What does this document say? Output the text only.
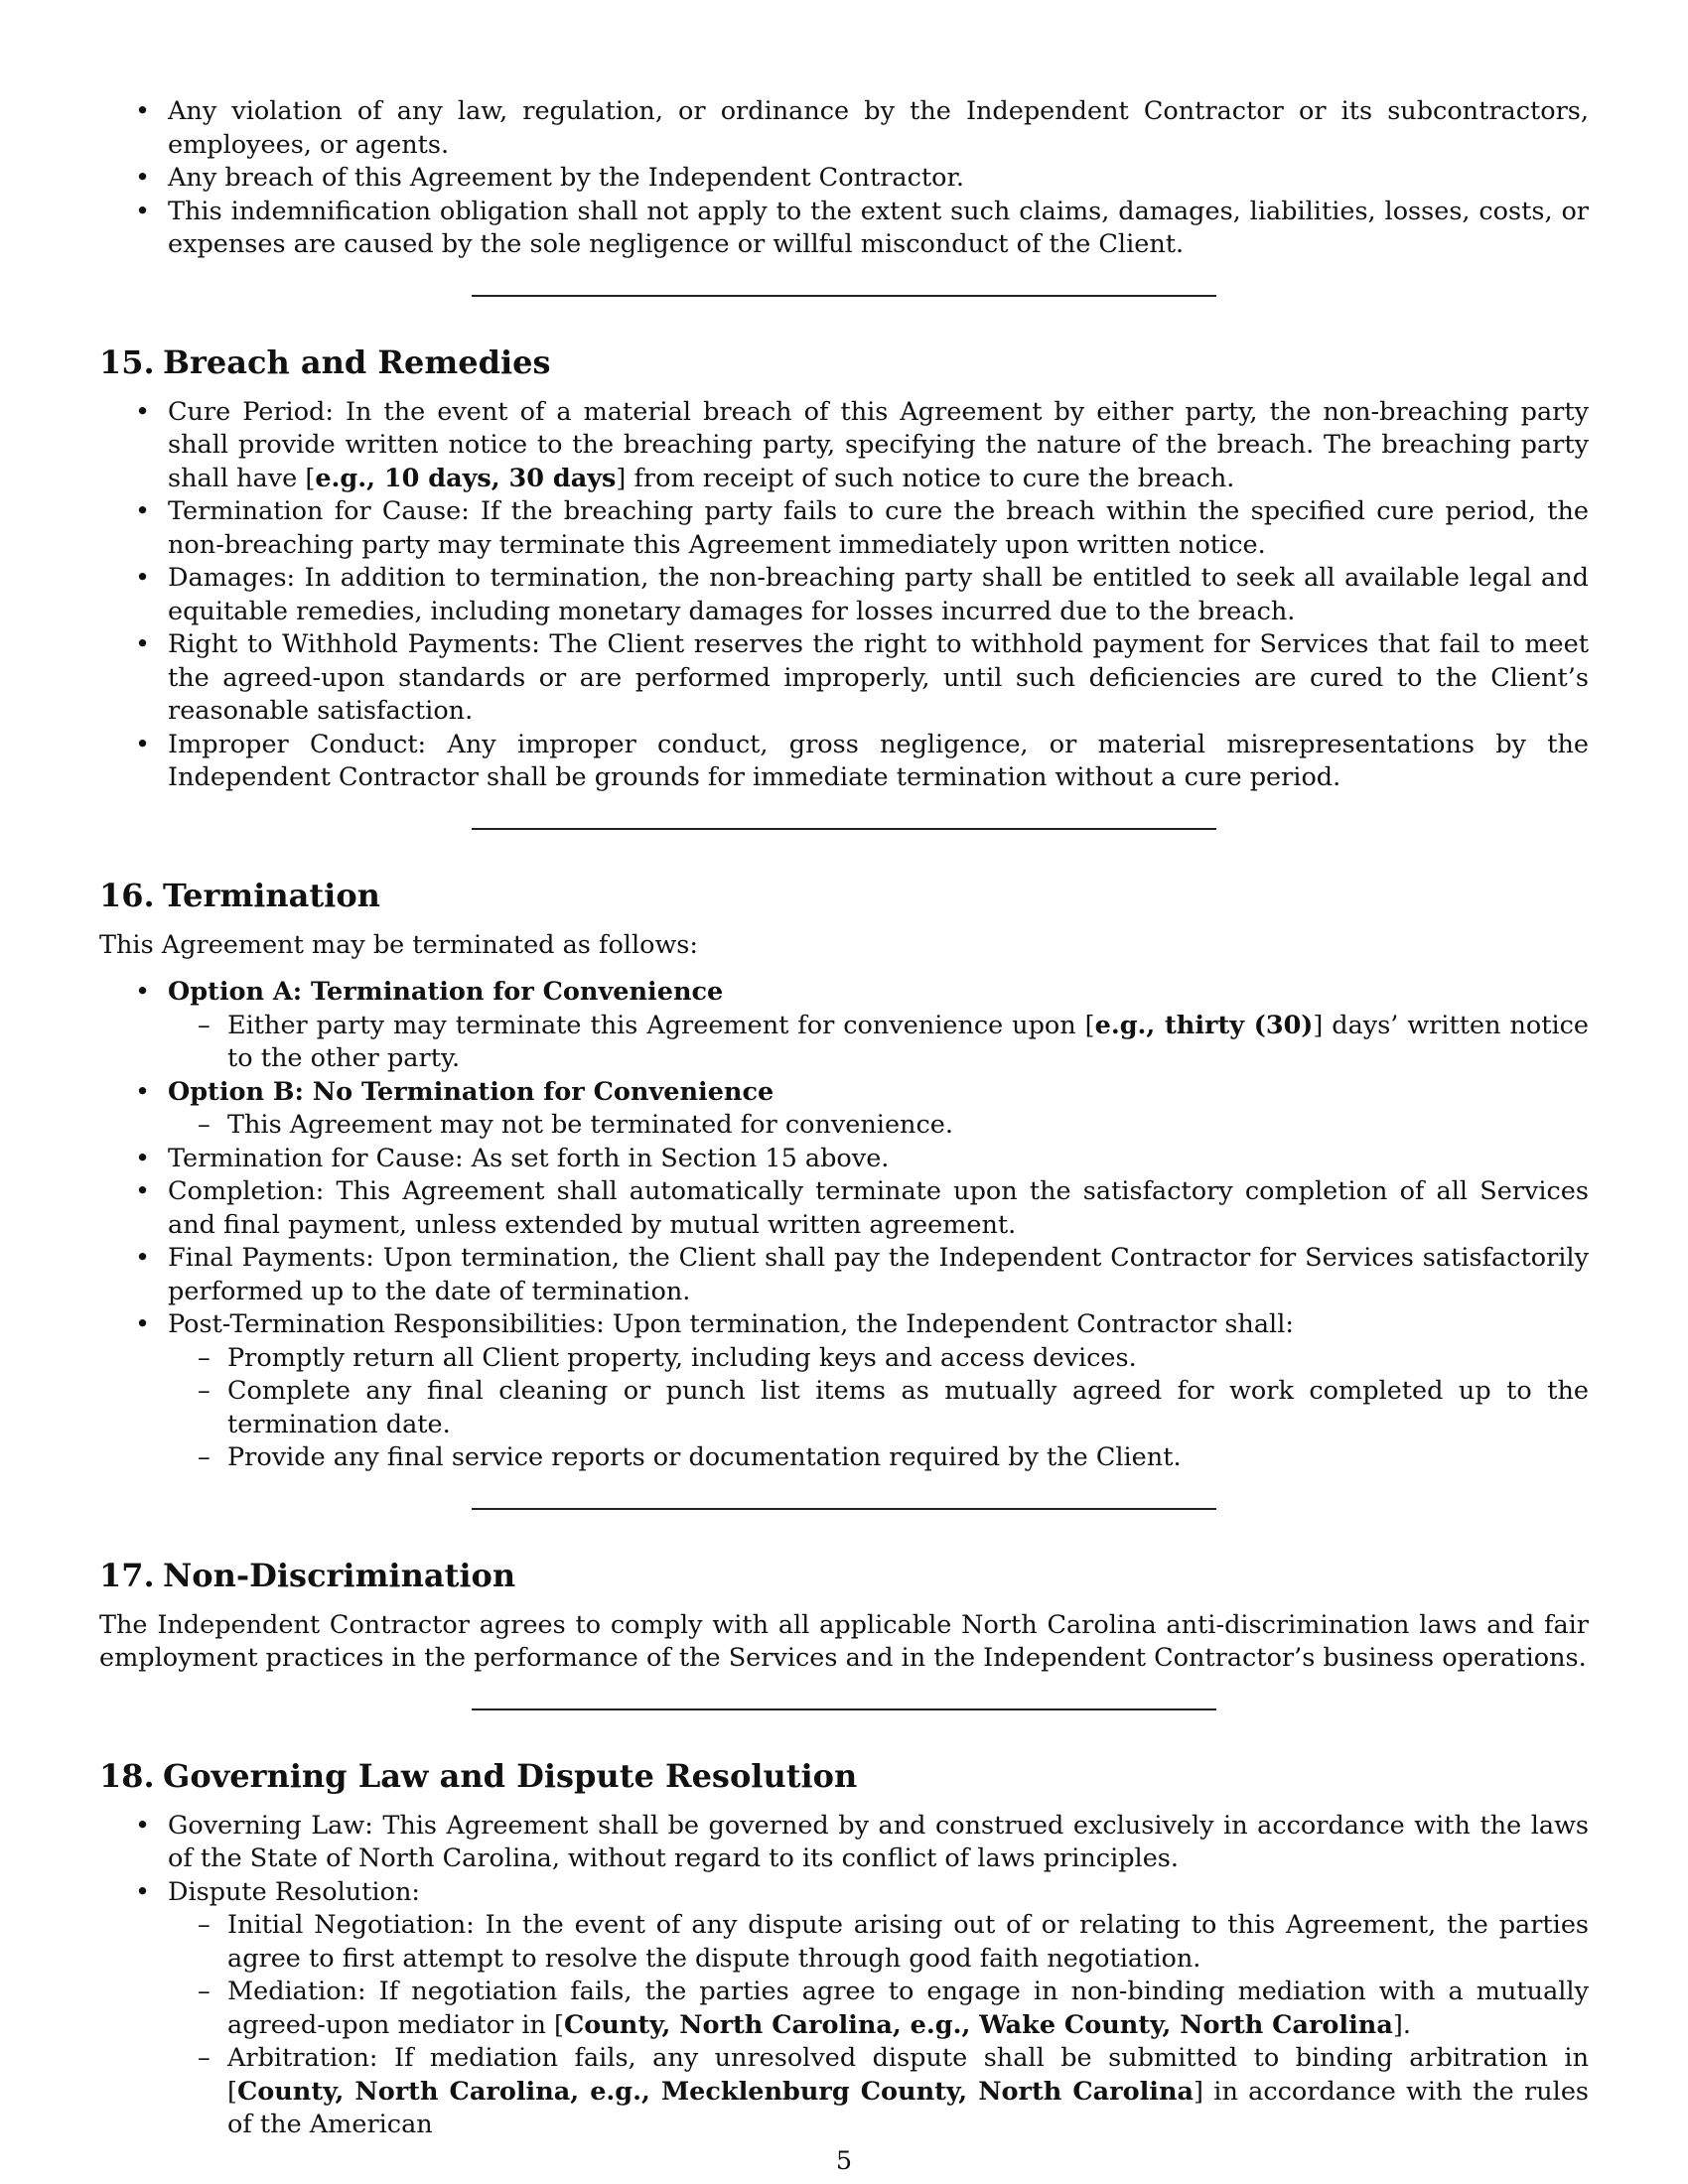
• Any violation of any law, regulation, or ordinance by the Independent Contractor or its subcontractors, employees, or agents.
• Any breach of this Agreement by the Independent Contractor.
• This indemnification obligation shall not apply to the extent such claims, damages, liabilities, losses, costs, or expenses are caused by the sole negligence or willful misconduct of the Client.
15. Breach and Remedies
• Cure Period: In the event of a material breach of this Agreement by either party, the non-breaching party shall provide written notice to the breaching party, specifying the nature of the breach. The breaching party shall have [e.g., 10 days, 30 days] from receipt of such notice to cure the breach.
• Termination for Cause: If the breaching party fails to cure the breach within the specified cure period, the non-breaching party may terminate this Agreement immediately upon written notice.
• Damages: In addition to termination, the non-breaching party shall be entitled to seek all available legal and equitable remedies, including monetary damages for losses incurred due to the breach.
• Right to Withhold Payments: The Client reserves the right to withhold payment for Services that fail to meet the agreed-upon standards or are performed improperly, until such deficiencies are cured to the Client’s reasonable satisfaction.
• Improper Conduct: Any improper conduct, gross negligence, or material misrepresentations by the Independent Contractor shall be grounds for immediate termination without a cure period.
16. Termination

This Agreement may be terminated as follows:

• Option A: Termination for Convenience
– Either party may terminate this Agreement for convenience upon [e.g., thirty (30)] days’ written notice to the other party.
• Option B: No Termination for Convenience
– This Agreement may not be terminated for convenience.
• Termination for Cause: As set forth in Section 15 above.
• Completion: This Agreement shall automatically terminate upon the satisfactory completion of all Services and final payment, unless extended by mutual written agreement.
• Final Payments: Upon termination, the Client shall pay the Independent Contractor for Services satisfactorily performed up to the date of termination.
• Post-Termination Responsibilities: Upon termination, the Independent Contractor shall:
– Promptly return all Client property, including keys and access devices.
– Complete any final cleaning or punch list items as mutually agreed for work completed up to the termination date.
– Provide any final service reports or documentation required by the Client.
17. Non-Discrimination

The Independent Contractor agrees to comply with all applicable North Carolina anti-discrimination laws and fair employment practices in the performance of the Services and in the Independent Contractor’s business operations.

18. Governing Law and Dispute Resolution
• Governing Law: This Agreement shall be governed by and construed exclusively in accordance with the laws of the State of North Carolina, without regard to its conflict of laws principles.
• Dispute Resolution:
– Initial Negotiation: In the event of any dispute arising out of or relating to this Agreement, the parties agree to first attempt to resolve the dispute through good faith negotiation.
– Mediation: If negotiation fails, the parties agree to engage in non-binding mediation with a mutually agreed-upon mediator in [County, North Carolina, e.g., Wake County, North Carolina].
– Arbitration: If mediation fails, any unresolved dispute shall be submitted to binding arbitration in [County, North Carolina, e.g., Mecklenburg County, North Carolina] in accordance with the rules of the American
5
